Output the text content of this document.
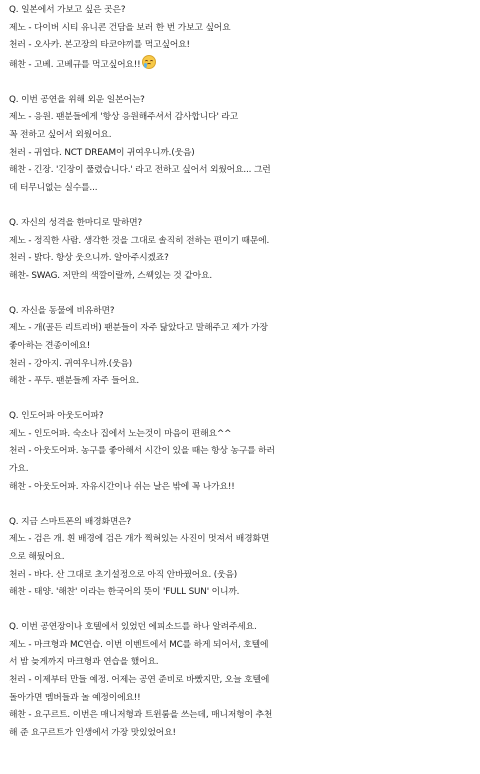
Q. 일본에서 가보고 싶은 곳은?
제노 - 다이버 시티 유니콘 건담을 보러 한 번 가보고 싶어요
천러 - 오사카. 본고장의 타코야끼를 먹고싶어요!
해찬 - 고베. 고베규를 먹고싶어요!!
Q. 이번 공연을 위해 외운 일본어는?
제노 - 응원. 팬분들에게 '항상 응원해주셔서 감사합니다' 라고
꼭 전하고 싶어서 외웠어요.
천러 - 귀엽다. NCT DREAM이 귀여우니까.(웃음)
해찬 - 긴장. '긴장이 풀렸습니다.' 라고 전하고 싶어서 외웠어요... 그런
데 터무니없는 실수를...
Q. 자신의 성격을 한마디로 말하면?
제노 - 정직한 사람. 생각한 것을 그대로 솔직히 전하는 편이기 때문에.
천러 - 밝다. 항상 웃으니까. 알아주시겠죠?
해찬- SWAG. 저만의 색깔이랄까, 스웩있는 것 같아요.
Q. 자신을 동물에 비유하면?
제노 - 개(골든 리트리버) 팬분들이 자주 닮았다고 말해주고 제가 가장
좋아하는 견종이에요!
천러 - 강아지. 귀여우니까.(웃음)
해찬 - 푸두. 팬분들께 자주 들어요.
Q. 인도어파 아웃도어파?
제노 - 인도어파. 숙소나 집에서 노는것이 마음이 편해요^^
천러 - 아웃도어파. 농구를 좋아해서 시간이 있을 때는 항상 농구를 하러
가요.
해찬 - 아웃도어파. 자유시간이나 쉬는 날은 밖에 꼭 나가요!!
Q. 지금 스마트폰의 배경화면은?
제노 - 검은 개. 흰 배경에 검은 개가 찍혀있는 사진이 멋져서 배경화면
으로 해뒀어요.
천러 - 바다. 산 그대로 초기설정으로 아직 안바꿨어요. (웃음)
해찬 - 태양. '해찬' 이라는 한국어의 뜻이 'FULL SUN' 이니까.
Q. 이번 공연장이나 호텔에서 있었던 에피소드를 하나 알려주세요.
제노 - 마크형과 MC연습. 이번 이벤트에서 MC를 하게 되어서, 호텔에
서 밤 늦게까지 마크형과 연습을 했어요.
천러 - 이제부터 만들 예정. 어제는 공연 준비로 바빴지만, 오늘 호텔에
돌아가면 멤버들과 놀 예정이에요!!
해찬 - 요구르트. 이번은 매니저형과 트윈룸을 쓰는데, 매니저형이 추천
해 준 요구르트가 인생에서 가장 맛있었어요!
